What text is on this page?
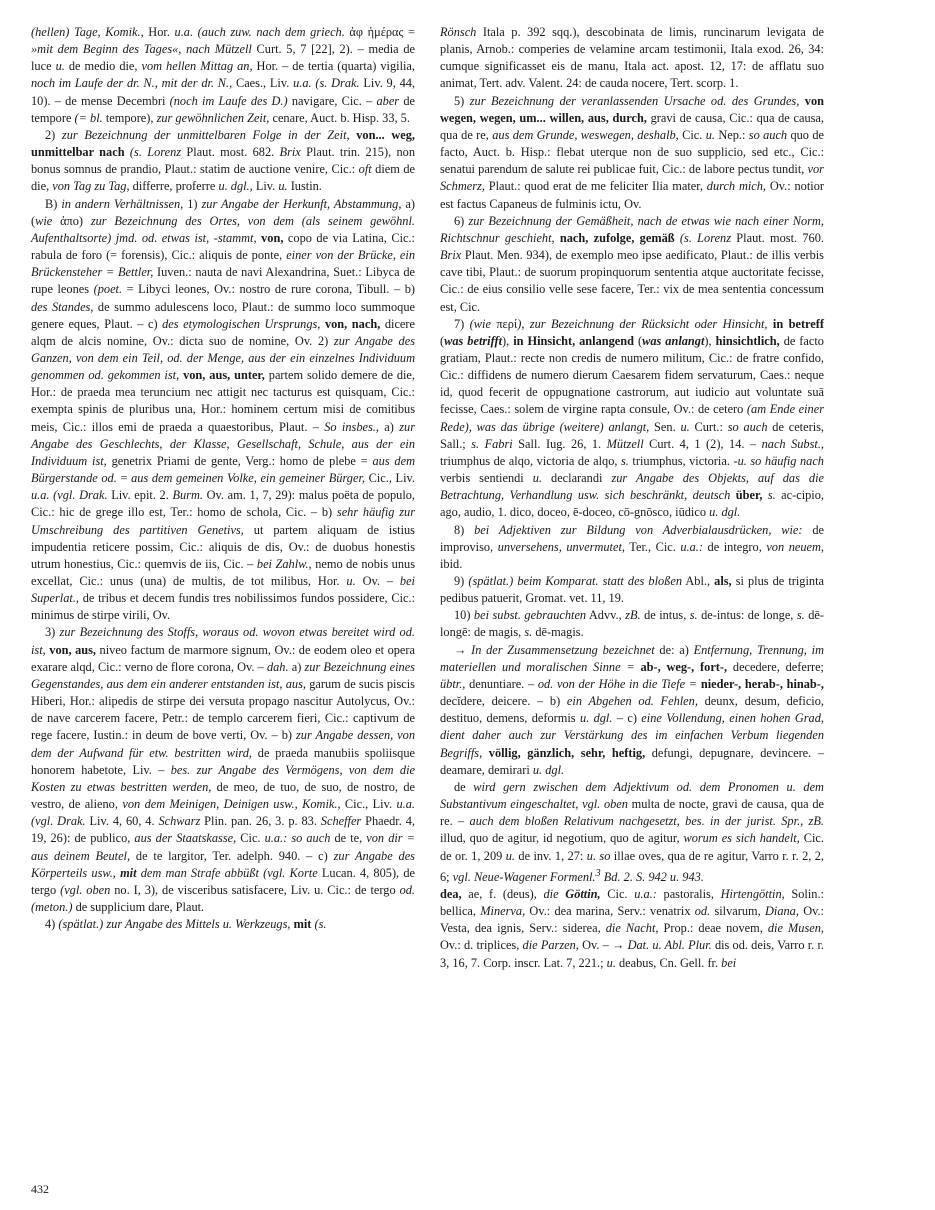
(hellen) Tage, Komik., Hor. u.a. (auch zuw. nach dem griech. ἀφ ἡμέρας = »mit dem Beginn des Tages«, nach Mützell Curt. 5, 7 [22], 2). – media de luce u. de medio die, vom hellen Mittag an, Hor. – de tertia (quarta) vigilia, noch im Laufe der dr. N., mit der dr. N., Caes., Liv. u.a. (s. Drak. Liv. 9, 44, 10). – de mense Decembri (noch im Laufe des D.) navigare, Cic. – aber de tempore (= bl. tempore), zur gewöhnlichen Zeit, cenare, Auct. b. Hisp. 33, 5.

2) zur Bezeichnung der unmittelbaren Folge in der Zeit, von... weg, unmittelbar nach (s. Lorenz Plaut. most. 682. Brix Plaut. trin. 215), non bonus somnus de prandio, Plaut.: statim de auctione venire, Cic.: oft diem de die, von Tag zu Tag, differre, proferre u. dgl., Liv. u. Iustin.

B) in andern Verhältnissen, 1) zur Angabe der Herkunft, Abstammung, a) (wie ἀπο) zur Bezeichnung des Ortes, von dem (als seinem gewöhnl. Aufenthaltsorte) jmd. od. etwas ist, -stammt, von, copo de via Latina, Cic.: rabula de foro (= forensis), Cic.: aliquis de ponte, einer von der Brücke, ein Brückensteher = Bettler, Iuven.: nauta de navi Alexandrina, Suet.: Libyca de rupe leones (poet. = Libyci leones, Ov.: nostro de rure corona, Tibull. – b) des Standes, de summo adulescens loco, Plaut.: de summo loco summoque genere eques, Plaut. – c) des etymologischen Ursprungs, von, nach, dicere alqm de alcis nomine, Ov.: dicta suo de nomine, Ov. 2) zur Angabe des Ganzen, von dem ein Teil, od. der Menge, aus der ein einzelnes Individuum genommen od. gekommen ist, von, aus, unter, partem solido demere de die, Hor.: de praeda mea teruncium nec attigit nec tacturus est quisquam, Cic.: exempta spinis de pluribus una, Hor.: hominem certum misi de comitibus meis, Cic.: illos emi de praeda a quaestoribus, Plaut. – So insbes., a) zur Angabe des Geschlechts, der Klasse, Gesellschaft, Schule, aus der ein Individuum ist, genetrix Priami de gente, Verg.: homo de plebe = aus dem Bürgerstande od. = aus dem gemeinen Volke, ein gemeiner Bürger, Cic., Liv. u.a. (vgl. Drak. Liv. epit. 2. Burm. Ov. am. 1, 7, 29): malus poëta de populo, Cic.: hic de grege illo est, Ter.: homo de schola, Cic. – b) sehr häufig zur Umschreibung des partitiven Genetivs, ut partem aliquam de istius impudentia reticere possim, Cic.: aliquis de dis, Ov.: de duobus honestis utrum honestius, Cic.: quemvis de iis, Cic. – bei Zahlw., nemo de nobis unus excellat, Cic.: unus (una) de multis, de tot milibus, Hor. u. Ov. – bei Superlat., de tribus et decem fundis tres nobilissimos fundos possidere, Cic.: minimus de stirpe virili, Ov.

3) zur Bezeichnung des Stoffs, woraus od. wovon etwas bereitet wird od. ist, von, aus, niveo factum de marmore signum, Ov.: de eodem oleo et opera exarare alqd, Cic.: verno de flore corona, Ov. – dah. a) zur Bezeichnung eines Gegenstandes, aus dem ein anderer entstanden ist, aus, garum de sucis piscis Hiberi, Hor.: alipedis de stirpe dei versuta propago nascitur Autolycus, Ov.: de nave carcerem facere, Petr.: de templo carcerem fieri, Cic.: captivum de rege facere, Iustin.: in deum de bove verti, Ov. – b) zur Angabe dessen, von dem der Aufwand für etw. bestritten wird, de praeda manubiis spoliisque honorem habetote, Liv. – bes. zur Angabe des Vermögens, von dem die Kosten zu etwas bestritten werden, de meo, de tuo, de suo, de nostro, de vestro, de alieno, von dem Meinigen, Deinigen usw., Komik., Cic., Liv. u.a. (vgl. Drak. Liv. 4, 60, 4. Schwarz Plin. pan. 26, 3. p. 83. Scheffer Phaedr. 4, 19, 26): de publico, aus der Staatskasse, Cic. u.a.: so auch de te, von dir = aus deinem Beutel, de te largitor, Ter. adelph. 940. – c) zur Angabe des Körperteils usw., mit dem man Strafe abbüßt (vgl. Korte Lucan. 4, 805), de tergo (vgl. oben no. I, 3), de visceribus satisfacere, Liv. u. Cic.: de tergo od. (meton.) de supplicium dare, Plaut.

4) (spätlat.) zur Angabe des Mittels u. Werkzeugs, mit (s.

Rönsch Itala p. 392 sqq.), descobinata de limis, runcinarum levigata de planis, Arnob.: comperies de velamine arcam testimonii, Itala exod. 26, 34: cumque significasset eis de manu, Itala act. apost. 12, 17: de afflatu suo animat, Tert. adv. Valent. 24: de cauda nocere, Tert. scorp. 1.

5) zur Bezeichnung der veranlassenden Ursache od. des Grundes, von wegen, wegen, um... willen, aus, durch, gravi de causa, Cic.: qua de causa, qua de re, aus dem Grunde, weswegen, deshalb, Cic. u. Nep.: so auch quo de facto, Auct. b. Hisp.: flebat uterque non de suo supplicio, sed etc., Cic.: senatui parendum de salute rei publicae fuit, Cic.: de labore pectus tundit, vor Schmerz, Plaut.: quod erat de me feliciter Ilia mater, durch mich, Ov.: notior est factus Capaneus de fulminis ictu, Ov.

6) zur Bezeichnung der Gemäßheit, nach de etwas wie nach einer Norm, Richtschnur geschieht, nach, zufolge, gemäß (s. Lorenz Plaut. most. 760. Brix Plaut. Men. 934), de exemplo meo ipse aedificato, Plaut.: de illis verbis cave tibi, Plaut.: de suorum propinquorum sententia atque auctoritate fecisse, Cic.: de eius consilio velle sese facere, Ter.: vix de mea sententia concessum est, Cic.

7) (wie περί), zur Bezeichnung der Rücksicht oder Hinsicht, in betreff (was betrifft), in Hinsicht, anlangend (was anlangt), hinsichtlich, de facto gratiam, Plaut.: recte non credis de numero militum, Cic.: de fratre confido, Cic.: diffidens de numero dierum Caesarem fidem servaturum, Caes.: neque id, quod fecerit de oppugnatione castrorum, aut iudicio aut voluntate suā fecisse, Caes.: solem de virgine rapta consule, Ov.: de cetero (am Ende einer Rede), was das übrige (weitere) anlangt, Sen. u. Curt.: so auch de ceteris, Sall.; s. Fabri Sall. Iug. 26, 1. Mützell Curt. 4, 1 (2), 14. – nach Subst., triumphus de alqo, victoria de alqo, s. triumphus, victoria. -u. so häufig nach verbis sentiendi u. declarandi zur Angabe des Objekts, auf das die Betrachtung, Verhandlung usw. sich beschränkt, deutsch über, s. ac-cipio, ago, audio, 1. dico, doceo, ē-doceo, cō-gnōsco, iūdico u. dgl.

8) bei Adjektiven zur Bildung von Adverbialausdrücken, wie: de improviso, unversehens, unvermutet, Ter., Cic. u.a.: de integro, von neuem, ibid.

9) (spätlat.) beim Komparat. statt des bloßen Abl., als, si plus de triginta pedibus patuerit, Gromat. vet. 11, 19.

10) bei subst. gebrauchten Advv., zB. de intus, s. de-intus: de longe, s. dē-longē: de magis, s. dē-magis.

→ In der Zusammensetzung bezeichnet de: a) Entfernung, Trennung, im materiellen und moralischen Sinne = ab-, weg-, fort-, decedere, deferre; übtr., denuntiare. – od. von der Höhe in die Tiefe = nieder-, herab-, hinab-, decĭdere, deicere. – b) ein Abgehen od. Fehlen, deunx, desum, deficio, destituo, demens, deformis u. dgl. – c) eine Vollendung, einen hohen Grad, dient daher auch zur Verstärkung des im einfachen Verbum liegenden Begriffs, völlig, gänzlich, sehr, heftig, defungi, depugnare, devincere. – deamare, demirari u. dgl.

de wird gern zwischen dem Adjektivum od. dem Pronomen u. dem Substantivum eingeschaltet, vgl. oben multa de nocte, gravi de causa, qua de re. – auch dem bloßen Relativum nachgesetzt, bes. in der jurist. Spr., zB. illud, quo de agitur, id negotium, quo de agitur, worum es sich handelt, Cic. de or. 1, 209 u. de inv. 1, 27: u. so illae oves, qua de re agitur, Varro r. r. 2, 2, 6; vgl. Neue-Wagener Formenl.$^3$ Bd. 2. S. 942 u. 943.

dea, ae, f. (deus), die Göttin, Cic. u.a.: pastoralis, Hirtengöttin, Solin.: bellica, Minerva, Ov.: dea marina, Serv.: venatrix od. silvarum, Diana, Ov.: Vesta, dea ignis, Serv.: siderea, die Nacht, Prop.: deae novem, die Musen, Ov.: d. triplices, die Parzen, Ov. – → Dat. u. Abl. Plur. dis od. deis, Varro r. r. 3, 16, 7. Corp. inscr. Lat. 7, 221.; u. deabus, Cn. Gell. fr. bei

432
